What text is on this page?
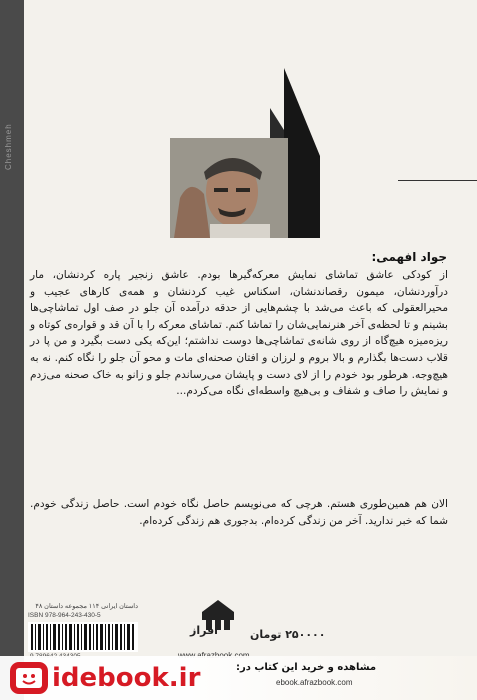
Cheshmeh
جواد افهمی:

از کودکی عاشق تماشای نمایش معرکه‌گیرها بودم. عاشق زنجیر پاره کردنشان، مار درآوردنشان، میمون رقصاندنشان، اسکناس غیب کردنشان و همه‌ی کارهای عجیب و محیرالعقولی که باعث می‌شد با چشم‌هایی از حدقه درآمده آن جلو در صف اول تماشاچی‌ها بشینم و تا لحظه‌ی آخر هنرنمایی‌شان را تماشا کنم. تماشای معرکه را با آن قد و قواره‌ی کوتاه و ریزه‌میزه هیچ‌گاه از روی شانه‌ی تماشاچی‌ها دوست نداشتم؛ این‌که یکی دست بگیرد و من پا در قلاب دست‌ها بگذارم و بالا بروم و لرزان و افتان صحنه‌ای مات و محو آن جلو را نگاه کنم. نه به هیچ‌وجه. هرطور بود خودم را از لای دست و پایشان می‌رساندم جلو و زانو به خاک صحنه می‌زدم و نمایش را صاف و شفاف و بی‌هیچ واسطه‌ای نگاه می‌کردم...

الان هم همین‌طوری هستم. هرچی که می‌نویسم حاصل نگاه خودم است. حاصل زندگی خودم. شما که خبر ندارید. آخر من زندگی کرده‌ام. بدجوری هم زندگی کرده‌ام.

داستان ایرانی ۱۱۴ مجموعه داستان ۴۸
ISBN 978-964-243-430-5
افراز	۲۵۰۰۰۰ تومان
idebook.ir	مشاهده و خرید این کتاب در:
ebook.afrazbook.com
